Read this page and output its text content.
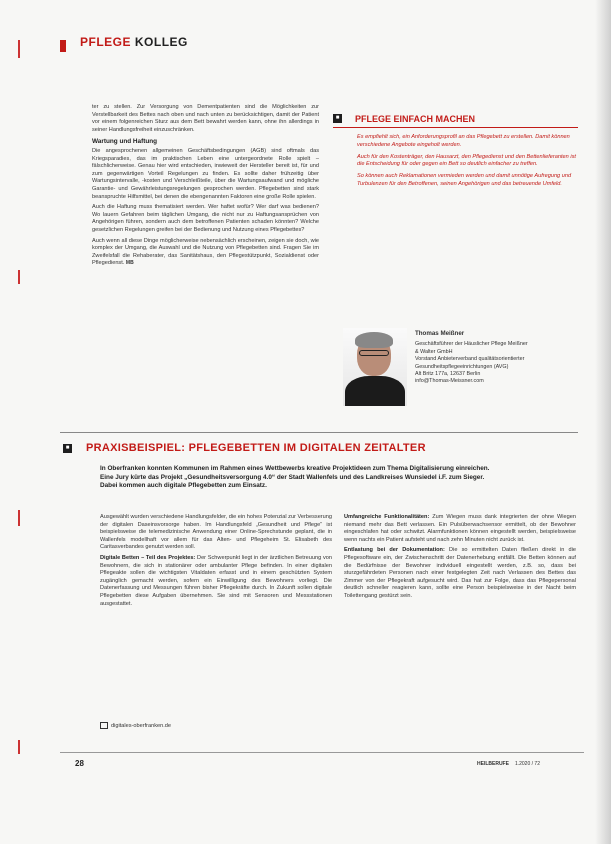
PFLEGE KOLLEG

ter zu stellen. Zur Versorgung von Dementpatienten sind die Möglichkeiten zur Verstellbarkeit des Bettes nach oben und nach unten zu berücksichtigen, damit der Patient vor einem folgenreichen Sturz aus dem Bett bewahrt werden kann, ohne ihn allerdings in seiner Handlungsfreiheit einzuschränken.

Wartung und Haftung

Die angesprochenen allgemeinen Geschäftsbedingungen (AGB) sind oftmals das Kriegsparadies, das im praktischen Leben eine untergeordnete Rolle spielt – fälschlicherweise. Genau hier wird entschieden, inwieweit der Hersteller bereit ist, für und zum gegenwärtigen Vorteil Regelungen zu finden. Es sollte daher frühzeitig über Wartungsintervalle, -kosten und Verschleißteile, über die Wartungsaufwand und mögliche Garantie- und Gewährleistungsregelungen gesprochen werden. Pflegebetten sind stark beanspruchte Hilfsmittel, bei denen die ebengenannten Faktoren eine große Rolle spielen.

Auch die Haftung muss thematisiert werden. Wer haftet wofür? Wer darf was bedienen? Wo lauern Gefahren beim täglichen Umgang, die nicht nur zu Haftungsansprüchen von Angehörigen führen, sondern auch dem betroffenen Patienten schaden könnten? Welche gesetzlichen Regelungen greifen bei der Bedienung und Nutzung eines Pflegebettes?

Auch wenn all diese Dinge möglicherweise nebensächlich erscheinen, zeigen sie doch, wie komplex der Umgang, die Auswahl und die Nutzung von Pflegebetten sind. Fragen Sie im Zweifelsfall die Rehaberater, das Sanitätshaus, den Pflegestützpunkt, Sozialdienst oder Pflegedienst. MB

■	PFLEGE EINFACH MACHEN

Es empfiehlt sich, ein Anforderungsprofil an das Pflegebett zu erstellen. Damit können verschiedene Angebote eingeholt werden.

Auch für den Kostenträger, den Hausarzt, den Pflegedienst und den Bettenlieferanten ist die Entscheidung für oder gegen ein Bett so deutlich einfacher zu treffen.

So können auch Reklamationen vermieden werden und damit unnötige Aufregung und Turbulenzen für den Betroffenen, seinen Angehörigen und das betreuende Umfeld.

Thomas Meißner
Geschäftsführer der Häuslicher Pflege Meißner
& Walter GmbH
Vorstand Anbieterverband qualitätsorientierter
Gesundheitspflegeeinrichtungen (AVG)
Alt Britz 177a, 12637 Berlin
info@Thomas-Meissner.com
■ PRAXISBEISPIEL: PFLEGEBETTEN IM DIGITALEN ZEITALTER
In Oberfranken konnten Kommunen im Rahmen eines Wettbewerbs kreative Projektideen zum Thema Digitalisierung einreichen. Eine Jury kürte das Projekt „Gesundheitsversorgung 4.0“ der Stadt Wallenfels und des Landkreises Wunsiedel i.F. zum Sieger. Dabei kommen auch digitale Pflegebetten zum Einsatz.

Ausgewählt wurden verschiedene Handlungsfelder, die ein hohes Potenzial zur Verbesserung der digitalen Daseinsvorsorge haben. Im Handlungsfeld „Gesundheit und Pflege“ ist beispielsweise die telemedizinische Anwendung einer Online-Sprechstunde geplant, die in Wallenfels modellhaft vor allem für das Alten- und Pflegeheim St. Elisabeth des Caritasverbandes genutzt werden soll.

Digitale Betten – Teil des Projektes: Der Schwerpunkt liegt in der ärztlichen Betreuung von Bewohnern, die sich in stationärer oder ambulanter Pflege befinden. In einer digitalen Pflegeakte sollen die wichtigsten Vitaldaten erfasst und in einem geschützten System zugänglich gemacht werden, sofern ein Einwilligung des Bewohners vorliegt. Die Datenerfassung und Messungen führen bisher Pflegekräfte durch. In Zukunft sollen digitale Pflegebetten diese Aufgaben übernehmen. Sie sind mit Sensoren und Messstationen ausgestattet.

Umfangreiche Funktionalitäten: Zum Wiegen muss dank integrierten der ohne Wiegen niemand mehr das Bett verlassen. Ein Pulsüberwachsensor ermittelt, ob der Bewohner eingeschlafen hat oder schwitzt. Alarmfunktionen können eingestellt werden, beispielsweise wenn nachts ein Patient aufsteht und nach zehn Minuten nicht zurück ist.

Entlastung bei der Dokumentation: Die so ermittelten Daten fließen direkt in die Pflegesoftware ein, der Zwischenschritt der Datenerhebung entfällt. Die Betten können auf die Bedürfnisse der Bewohner individuell eingestellt werden, z.B. so, dass bei sturzgefährdeten Personen nach einer festgelegten Zeit nach Verlassen des Bettes das Zimmer von der Pflegekraft aufgesucht wird. Das hat zur Folge, dass das Pflegepersonal deutlich schneller reagieren kann, sollte eine Person beispielsweise in der Nacht beim Toilettengang gestürzt sein.

digitales-oberfranken.de
28	HEILBERUFE 1.2020 / 72
